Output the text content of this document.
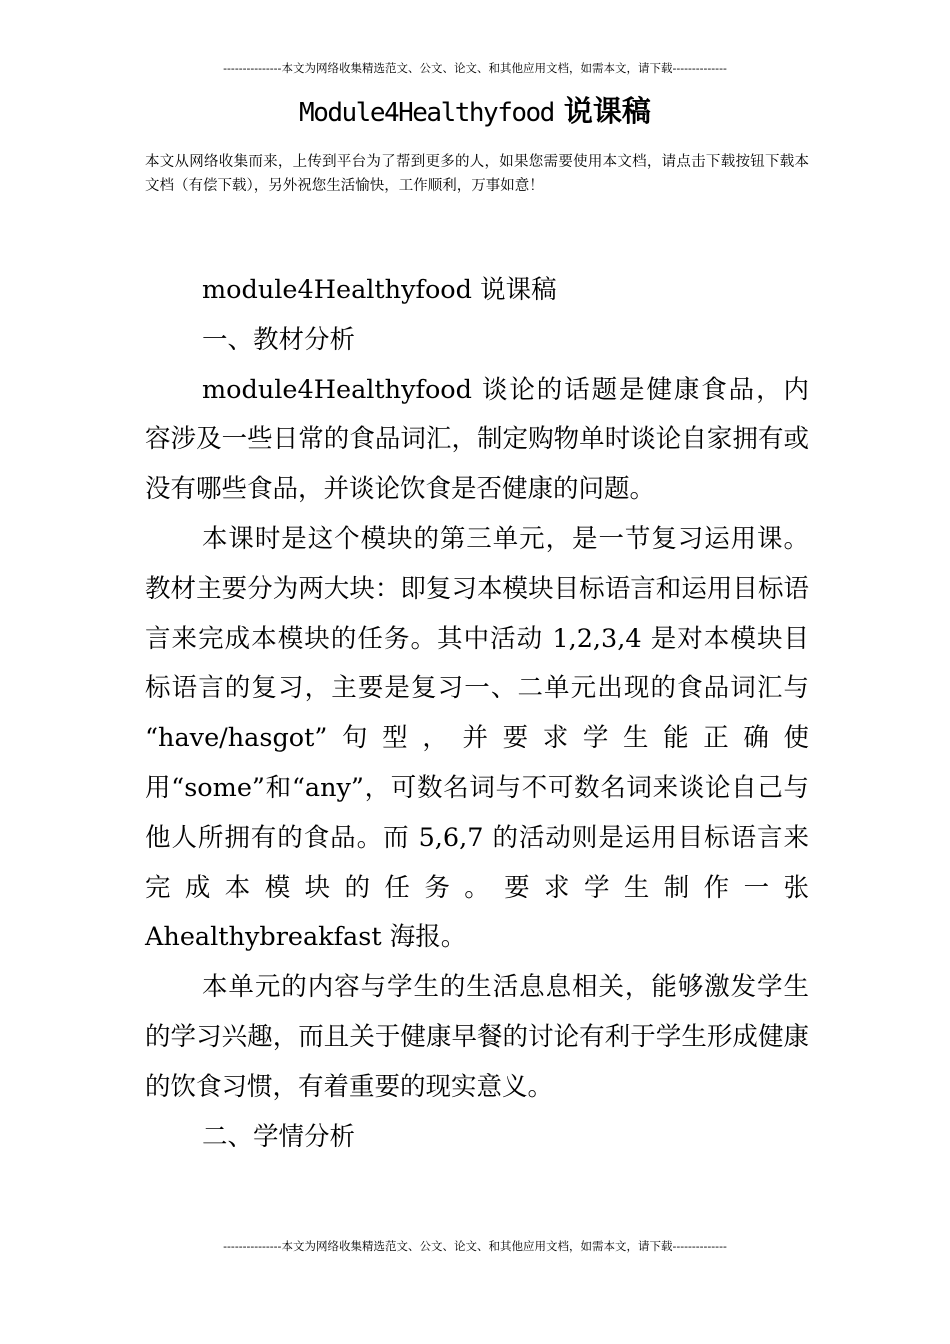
---------------本文为网络收集精选范文、公文、论文、和其他应用文档，如需本文，请下载--------------
Module4Healthyfood 说课稿
本文从网络收集而来，上传到平台为了帮到更多的人，如果您需要使用本文档，请点击下载按钮下载本文档（有偿下载），另外祝您生活愉快，工作顺利，万事如意！

module4Healthyfood 说课稿

一、教材分析

module4Healthyfood 谈论的话题是健康食品，内容涉及一些日常的食品词汇，制定购物单时谈论自家拥有或没有哪些食品，并谈论饮食是否健康的问题。

本课时是这个模块的第三单元，是一节复习运用课。教材主要分为两大块：即复习本模块目标语言和运用目标语言来完成本模块的任务。其中活动 1,2,3,4 是对本模块目标语言的复习，主要是复习一、二单元出现的食品词汇与 “have/hasgot”句型，并要求学生能正确使用“some”和“any”，可数名词与不可数名词来谈论自己与他人所拥有的食品。而 5,6,7 的活动则是运用目标语言来完成本模块的任务。要求学生制作一张 Ahealthybreakfast 海报。

本单元的内容与学生的生活息息相关，能够激发学生的学习兴趣，而且关于健康早餐的讨论有利于学生形成健康的饮食习惯，有着重要的现实意义。

二、学情分析

---------------本文为网络收集精选范文、公文、论文、和其他应用文档，如需本文，请下载--------------
